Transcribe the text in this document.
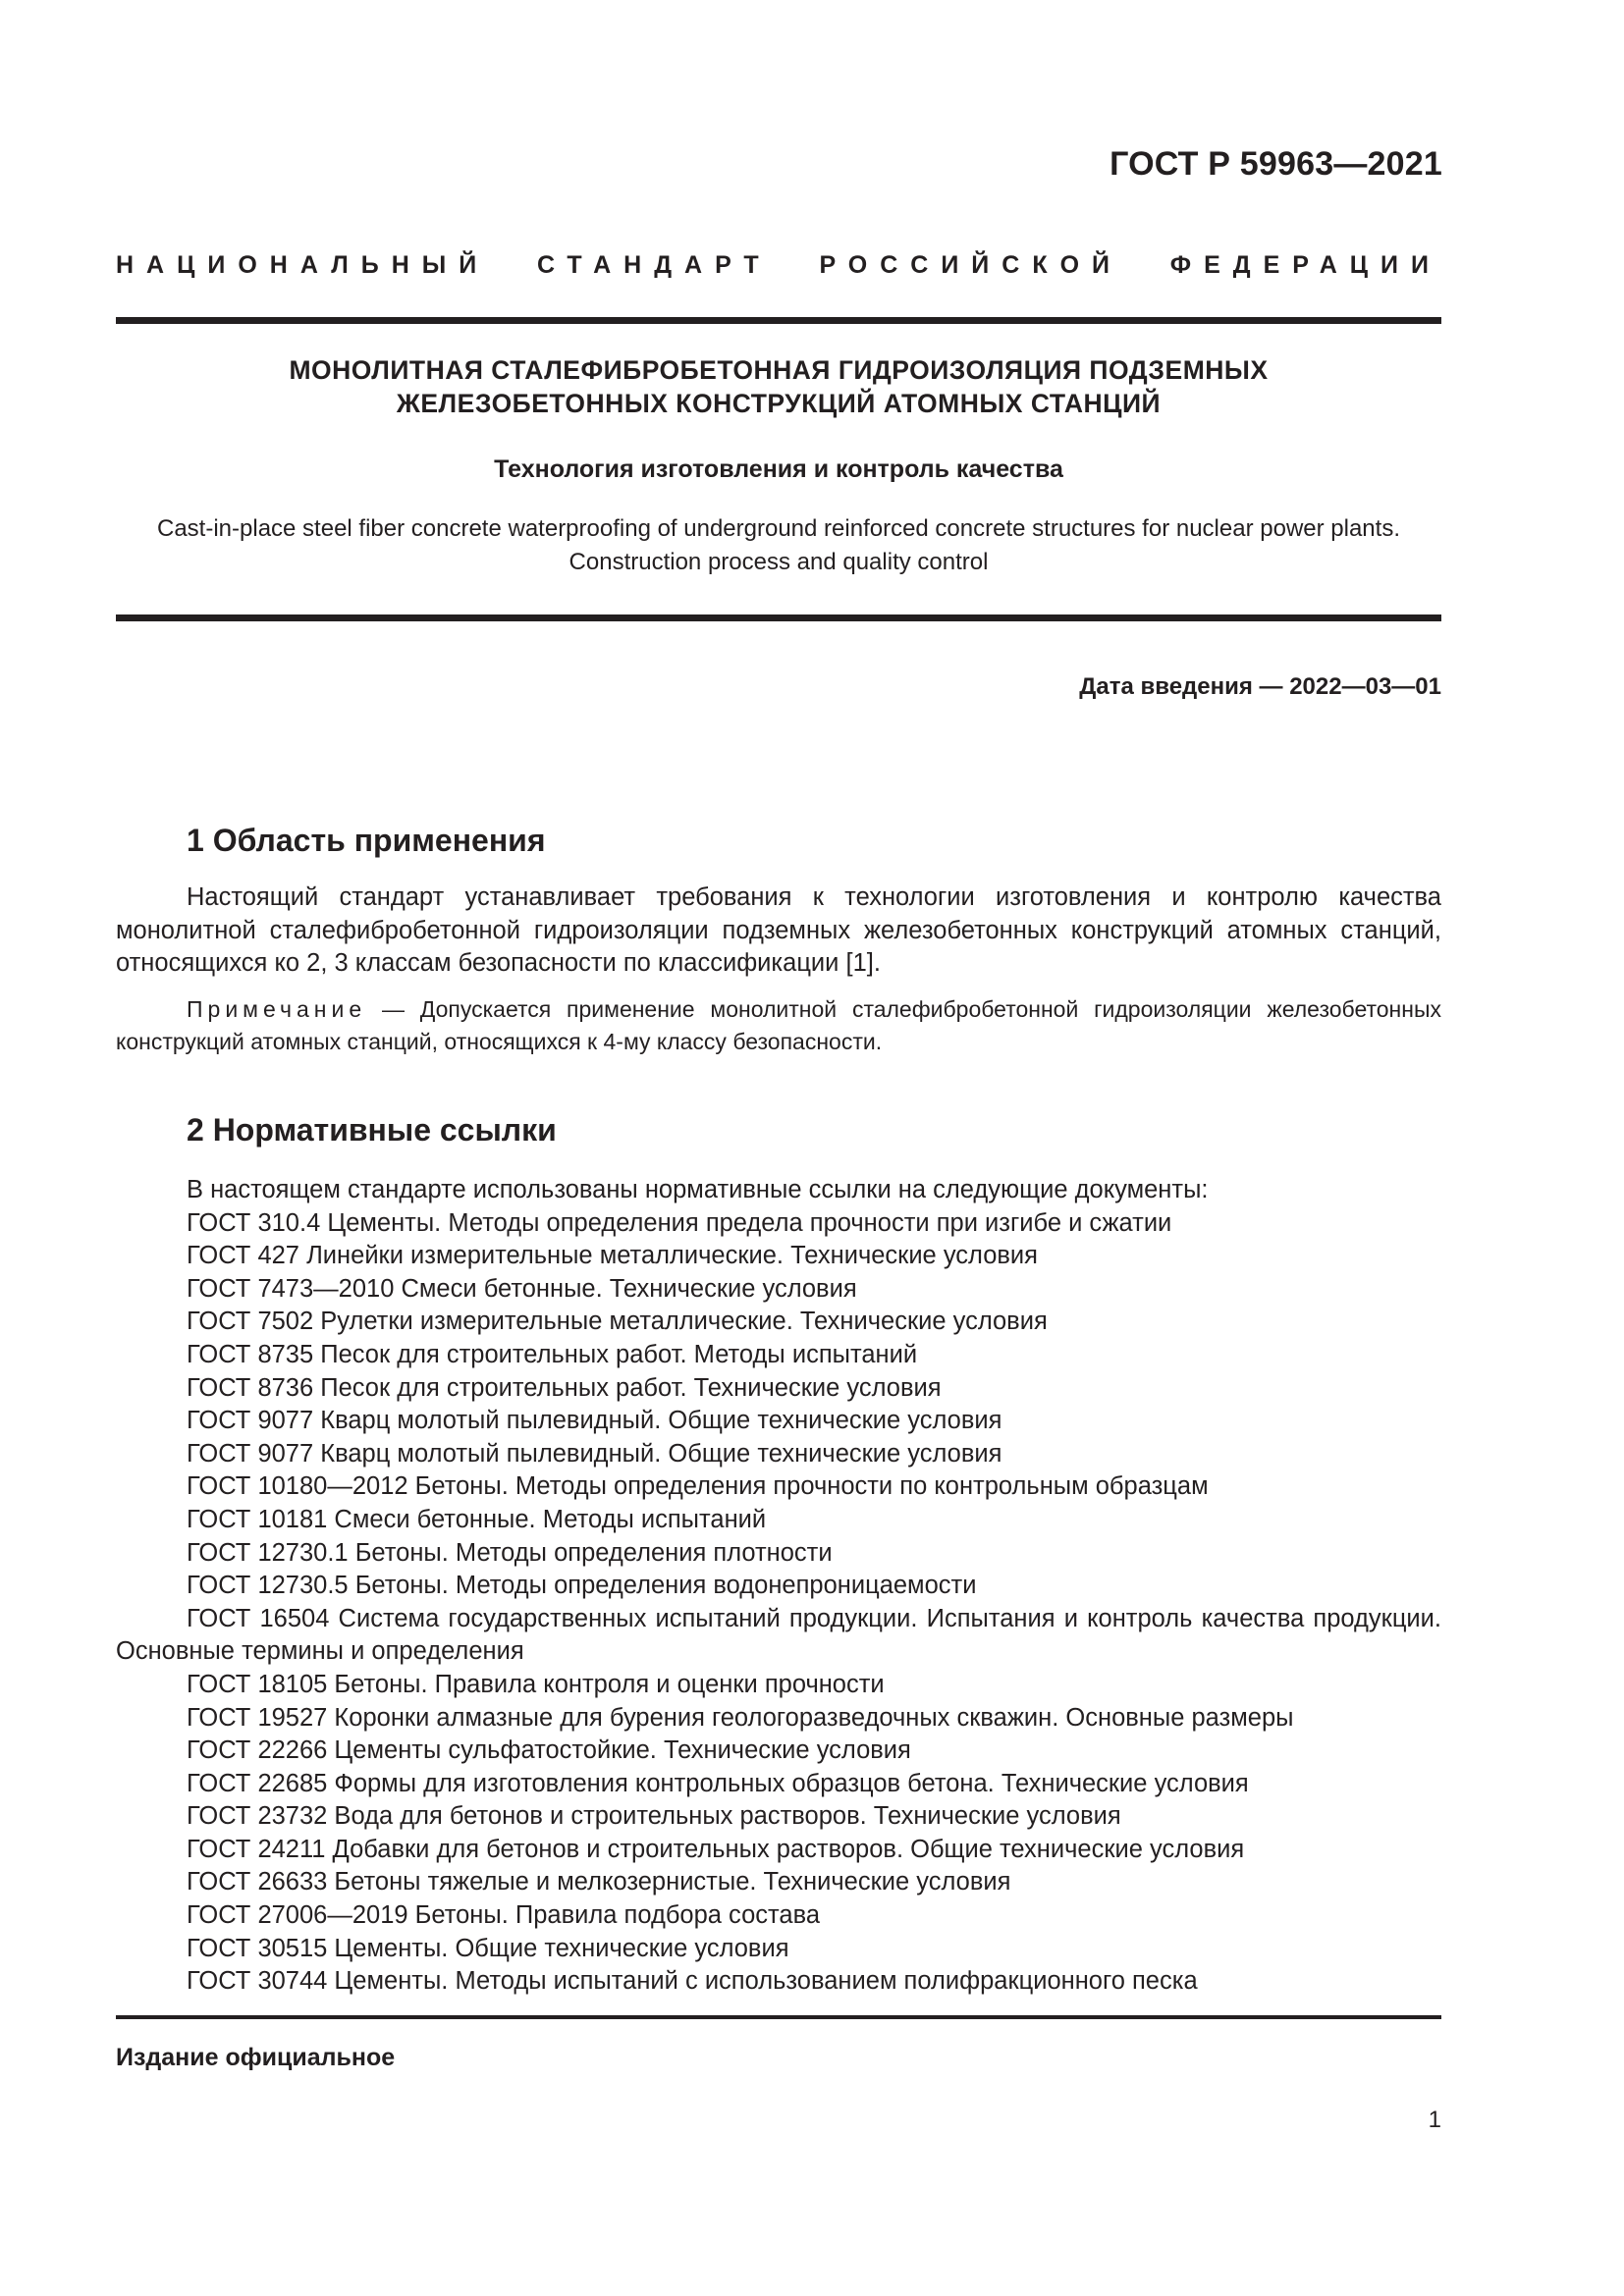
ГОСТ Р 59963—2021
НАЦИОНАЛЬНЫЙ СТАНДАРТ РОССИЙСКОЙ ФЕДЕРАЦИИ
МОНОЛИТНАЯ СТАЛЕФИБРОБЕТОННАЯ ГИДРОИЗОЛЯЦИЯ ПОДЗЕМНЫХ
ЖЕЛЕЗОБЕТОННЫХ КОНСТРУКЦИЙ АТОМНЫХ СТАНЦИЙ
Технология изготовления и контроль качества
Cast-in-place steel fiber concrete waterproofing of underground reinforced concrete structures for nuclear power plants.
Construction process and quality control
Дата введения — 2022—03—01
1 Область применения
Настоящий стандарт устанавливает требования к технологии изготовления и контролю качества монолитной сталефибробетонной гидроизоляции подземных железобетонных конструкций атомных станций, относящихся ко 2, 3 классам безопасности по классификации [1].
Примечание — Допускается применение монолитной сталефибробетонной гидроизоляции железобетонных конструкций атомных станций, относящихся к 4-му классу безопасности.
2 Нормативные ссылки

В настоящем стандарте использованы нормативные ссылки на следующие документы:

ГОСТ 310.4 Цементы. Методы определения предела прочности при изгибе и сжатии

ГОСТ 427 Линейки измерительные металлические. Технические условия

ГОСТ 7473—2010 Смеси бетонные. Технические условия

ГОСТ 7502 Рулетки измерительные металлические. Технические условия

ГОСТ 8735 Песок для строительных работ. Методы испытаний

ГОСТ 8736 Песок для строительных работ. Технические условия

ГОСТ 9077 Кварц молотый пылевидный. Общие технические условия

ГОСТ 9077 Кварц молотый пылевидный. Общие технические условия

ГОСТ 10180—2012 Бетоны. Методы определения прочности по контрольным образцам

ГОСТ 10181 Смеси бетонные. Методы испытаний

ГОСТ 12730.1 Бетоны. Методы определения плотности

ГОСТ 12730.5 Бетоны. Методы определения водонепроницаемости

ГОСТ 16504 Система государственных испытаний продукции. Испытания и контроль качества продукции. Основные термины и определения

ГОСТ 18105 Бетоны. Правила контроля и оценки прочности

ГОСТ 19527 Коронки алмазные для бурения геологоразведочных скважин. Основные размеры

ГОСТ 22266 Цементы сульфатостойкие. Технические условия

ГОСТ 22685 Формы для изготовления контрольных образцов бетона. Технические условия

ГОСТ 23732 Вода для бетонов и строительных растворов. Технические условия

ГОСТ 24211 Добавки для бетонов и строительных растворов. Общие технические условия

ГОСТ 26633 Бетоны тяжелые и мелкозернистые. Технические условия

ГОСТ 27006—2019 Бетоны. Правила подбора состава

ГОСТ 30515 Цементы. Общие технические условия

ГОСТ 30744 Цементы. Методы испытаний с использованием полифракционного песка

Издание официальное
1
